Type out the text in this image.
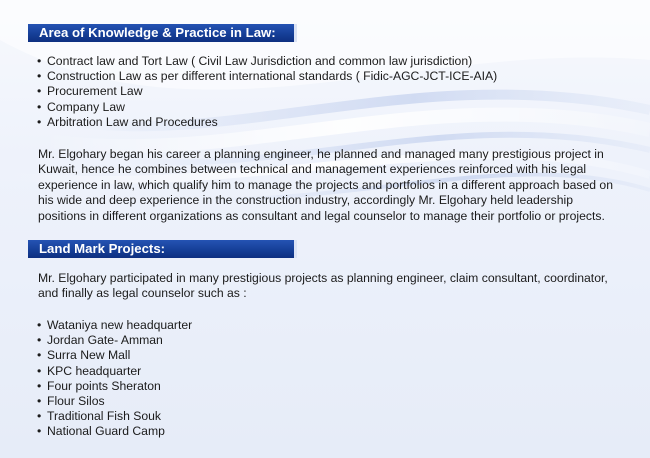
Area of Knowledge & Practice in Law:
• Contract law and Tort Law ( Civil Law Jurisdiction and common law jurisdiction)
• Construction Law as per different international standards ( Fidic-AGC-JCT-ICE-AIA)
• Procurement Law
• Company Law
• Arbitration Law and Procedures

Mr. Elgohary began his career a planning engineer, he planned and managed many prestigious project in
Kuwait, hence he combines between technical and management experiences reinforced with his legal
experience in law, which qualify him to manage the projects and portfolios in a different approach based on
his wide and deep experience in the construction industry, accordingly Mr. Elgohary held leadership
positions in different organizations as consultant and legal counselor to manage their portfolio or projects.

Land Mark Projects:

Mr. Elgohary participated in many prestigious projects as planning engineer, claim consultant, coordinator,
and finally as legal counselor such as :

• Wataniya new headquarter
• Jordan Gate- Amman
• Surra New Mall
• KPC headquarter
• Four points Sheraton
• Flour Silos
• Traditional Fish Souk
• National Guard Camp
